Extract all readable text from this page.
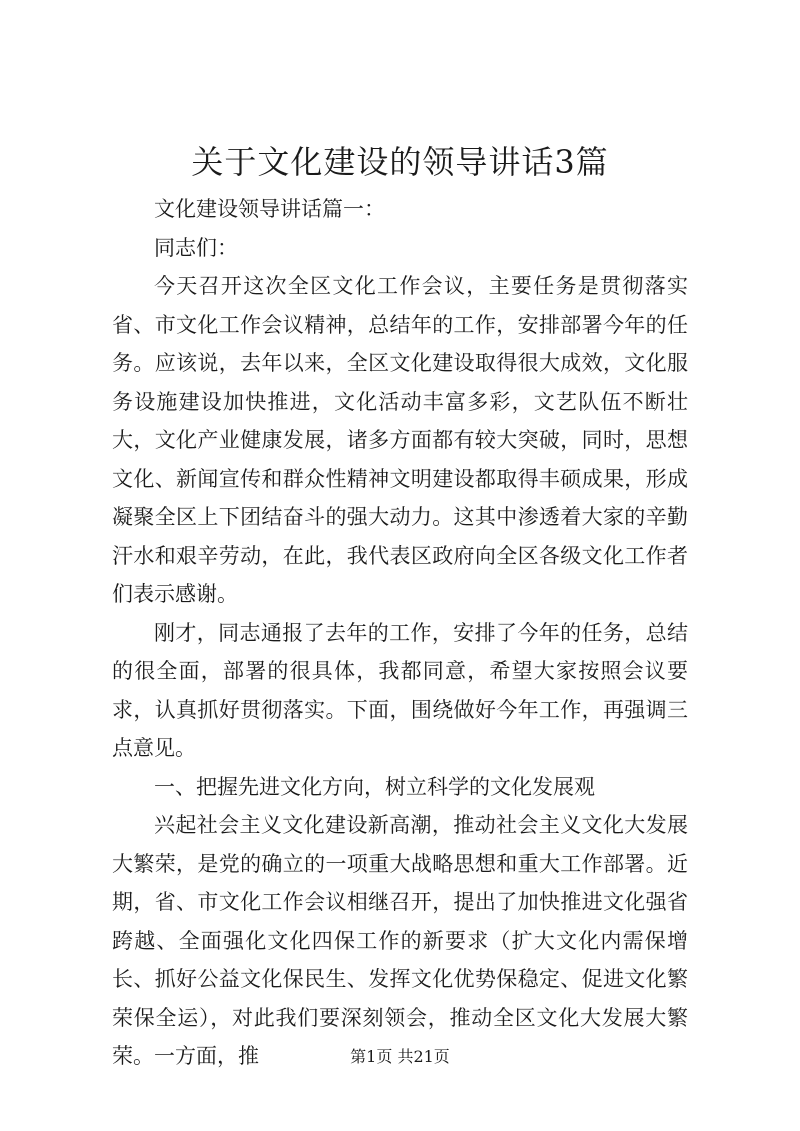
关于文化建设的领导讲话3篇

文化建设领导讲话篇一：

同志们：

今天召开这次全区文化工作会议，主要任务是贯彻落实省、市文化工作会议精神，总结年的工作，安排部署今年的任务。应该说，去年以来，全区文化建设取得很大成效，文化服务设施建设加快推进，文化活动丰富多彩，文艺队伍不断壮大，文化产业健康发展，诸多方面都有较大突破，同时，思想文化、新闻宣传和群众性精神文明建设都取得丰硕成果，形成凝聚全区上下团结奋斗的强大动力。这其中渗透着大家的辛勤汗水和艰辛劳动，在此，我代表区政府向全区各级文化工作者们表示感谢。

刚才，同志通报了去年的工作，安排了今年的任务，总结的很全面，部署的很具体，我都同意，希望大家按照会议要求，认真抓好贯彻落实。下面，围绕做好今年工作，再强调三点意见。

一、把握先进文化方向，树立科学的文化发展观

兴起社会主义文化建设新高潮，推动社会主义文化大发展大繁荣，是党的确立的一项重大战略思想和重大工作部署。近期，省、市文化工作会议相继召开，提出了加快推进文化强省跨越、全面强化文化四保工作的新要求（扩大文化内需保增长、抓好公益文化保民生、发挥文化优势保稳定、促进文化繁荣保全运），对此我们要深刻领会，推动全区文化大发展大繁荣。一方面，推	第1页 共21页
